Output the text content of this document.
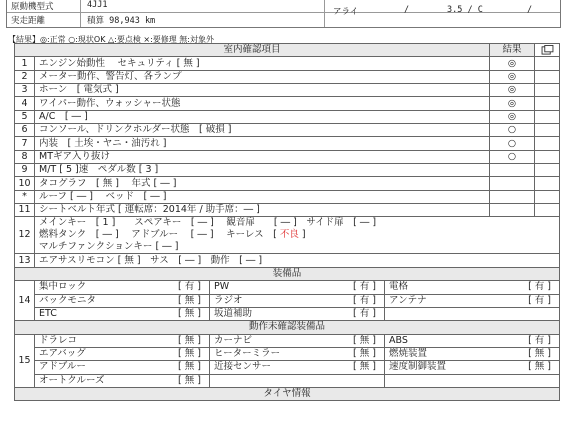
原動機型式	4JJ1
実走距離	積算 98,943 km
アライ	/	3.5 / C	/
【結果】◎:正常 ○:現状OK △:要点検 ×:要修理 無:対象外
室内確認項目				結果	
1	エンジン始動性　 セキュリティ [ 無 ]			◎	
2	メーター動作、警告灯、各ランプ			◎	
3	ホーン　[ 電気式 ]			◎	
4	ワイパー動作、ウォッシャー状態			◎	
5	A/C　[ ― ]			◎	
6	コンソール、ドリンクホルダー状態　[ 破損 ]			○	
7	内装　[ 土埃・ヤニ・油汚れ ]			○	
8	MTギア入り抜け			○	
9	M/T [ 5 ]速　ペダル数 [ 3 ]				
10	タコグラフ　[ 無 ]　 年式 [ ― ]				
*	ルーフ [ ― ]　 ベッド　[ ― ]				
11	シートベルト年式 [ 運転席：2014年 / 助手席：― ]				
12	メインキー　[ 1 ]　　スペアキー　[ ― ]　 観音扉　　[ ― ]　サイド扉　[ ― ]
燃料タンク　[ ― ]　 アドブルー　 [ ― ]　 キーレス　[ 不良 ]
マルチファンクションキー [ ― ]				

13	エアサスリモコン [ 無 ]　サス　[ ― ]　動作　[ ― ]				
装備品					
14	集中ロック [ 有 ]	PW [ 有 ]	電格 [ 有 ]		

	バックモニタ [ 無 ]	ラジオ [ 有 ]	アンテナ [ 有 ]		

	ETC [ 無 ]	坂道補助 [ 有 ]			

動作未確認装備品					
15	ドラレコ [ 無 ]	カーナビ [ 無 ]	ABS [ 有 ]		

	エアバッグ [ 無 ]	ヒーターミラー [ 無 ]	燃焼装置 [ 無 ]		

	アドブルー [ 無 ]	近接センサー [ 無 ]	速度制御装置 [ 無 ]		

	オートクルーズ [ 無 ]				

タイヤ情報					
